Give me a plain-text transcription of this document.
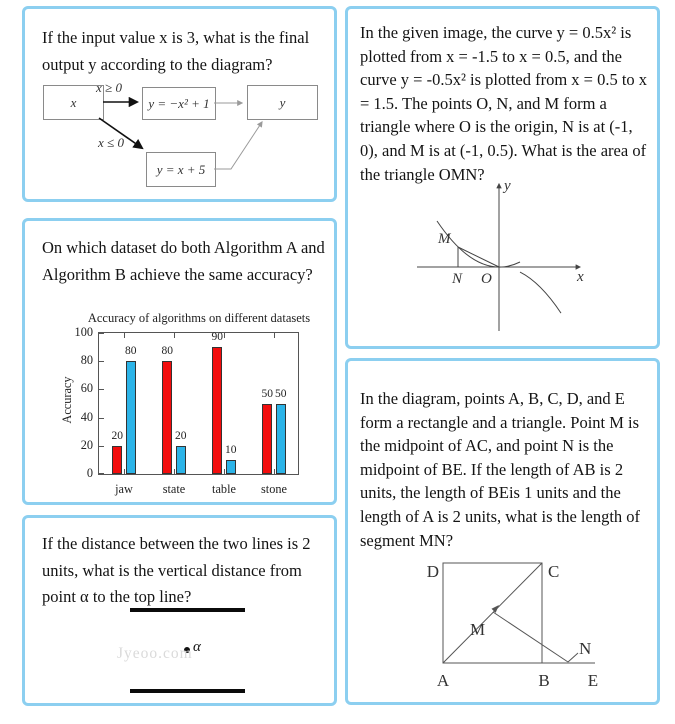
If the input value x is 3, what is the final output y according to the diagram?
x
x ≥ 0
y = −x² + 1	y
x ≤ 0
y = x + 5
On which dataset do both Algorithm A and Algorithm B achieve the same accuracy?
Accuracy of algorithms on different datasets
Accuracy
0
20
40
60
80
100
jaw
20
80
state
80
20
table
90
10
stone
50 50
If the distance between the two lines is 2 units, what is the vertical distance from point α to the top line?
α
Jyeoo.com
In the given image, the curve y = 0.5x² is plotted from x = -1.5 to x = 0.5, and the curve y = -0.5x² is plotted from x = 0.5 to x = 1.5. The points O, N, and M form a triangle where O is the origin, N is at (-1, 0), and M is at (-1, 0.5). What is the area of the triangle OMN?
y
x
M
N O
In the diagram, points A, B, C, D, and E form a rectangle and a triangle. Point M is the midpoint of AC, and point N is the midpoint of BE. If the length of AB is 2 units, the length of BEis 1 units and the length of A is 2 units, what is the length of segment MN?
D	C
M
N
A	B E
